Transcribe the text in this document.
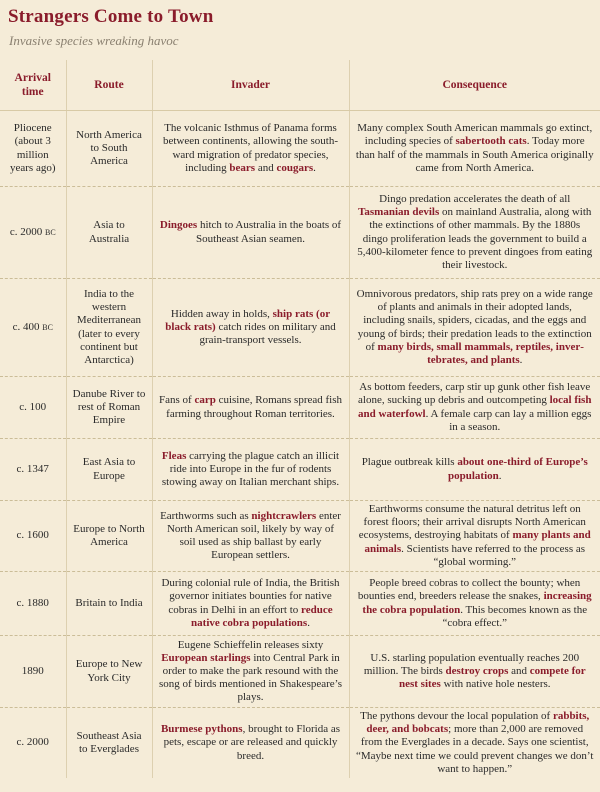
Strangers Come to Town
Invasive species wreaking havoc
Arrival time	Route	Invader	Consequence
Pliocene (about 3 million years ago)	North America to South America	The volcanic Isthmus of Panama forms between continents, allowing the southward migration of predator species, including bears and cougars.	Many complex South American mammals go extinct, including species of sabertooth cats. Today more than half of the mammals in South America originally came from North America.
c. 2000 bc	Asia to Australia	Dingoes hitch to Australia in the boats of Southeast Asian seamen.	Dingo predation accelerates the death of all Tasmanian devils on mainland Australia, along with the extinctions of other mammals. By the 1880s dingo proliferation leads the government to build a 5,400-kilometer fence to prevent dingoes from eating their livestock.
c. 400 bc	India to the western Mediterranean (later to every continent but Antarctica)	Hidden away in holds, ship rats (or black rats) catch rides on military and grain-transport vessels.	Omnivorous predators, ship rats prey on a wide range of plants and animals in their adopted lands, including snails, spiders, cicadas, and the eggs and young of birds; their predation leads to the extinction of many birds, small mammals, reptiles, invertebrates, and plants.
c. 100	Danube River to rest of Roman Empire	Fans of carp cuisine, Romans spread fish farming throughout Roman territories.	As bottom feeders, carp stir up gunk other fish leave alone, sucking up debris and outcompeting local fish and waterfowl. A female carp can lay a million eggs in a season.
c. 1347	East Asia to Europe	Fleas carrying the plague catch an illicit ride into Europe in the fur of rodents stowing away on Italian merchant ships.	Plague outbreak kills about one-third of Europe’s population.
c. 1600	Europe to North America	Earthworms such as nightcrawlers enter North American soil, likely by way of soil used as ship ballast by early European settlers.	Earthworms consume the natural detritus left on forest floors; their arrival disrupts North American ecosystems, destroying habitats of many plants and animals. Scientists have referred to the process as “global worming.”
c. 1880	Britain to India	During colonial rule of India, the British governor initiates bounties for native cobras in Delhi in an effort to reduce native cobra populations.	People breed cobras to collect the bounty; when bounties end, breeders release the snakes, increasing the cobra population. This becomes known as the “cobra effect.”
1890	Europe to New York City	Eugene Schieffelin releases sixty European starlings into Central Park in order to make the park resound with the song of birds mentioned in Shakespeare’s plays.	U.S. starling population eventually reaches 200 million. The birds destroy crops and compete for nest sites with native hole nesters.
c. 2000	Southeast Asia to Everglades	Burmese pythons, brought to Florida as pets, escape or are released and quickly breed.	The pythons devour the local population of rabbits, deer, and bobcats; more than 2,000 are removed from the Everglades in a decade. Says one scientist, “Maybe next time we could prevent changes we don’t want to happen.”
